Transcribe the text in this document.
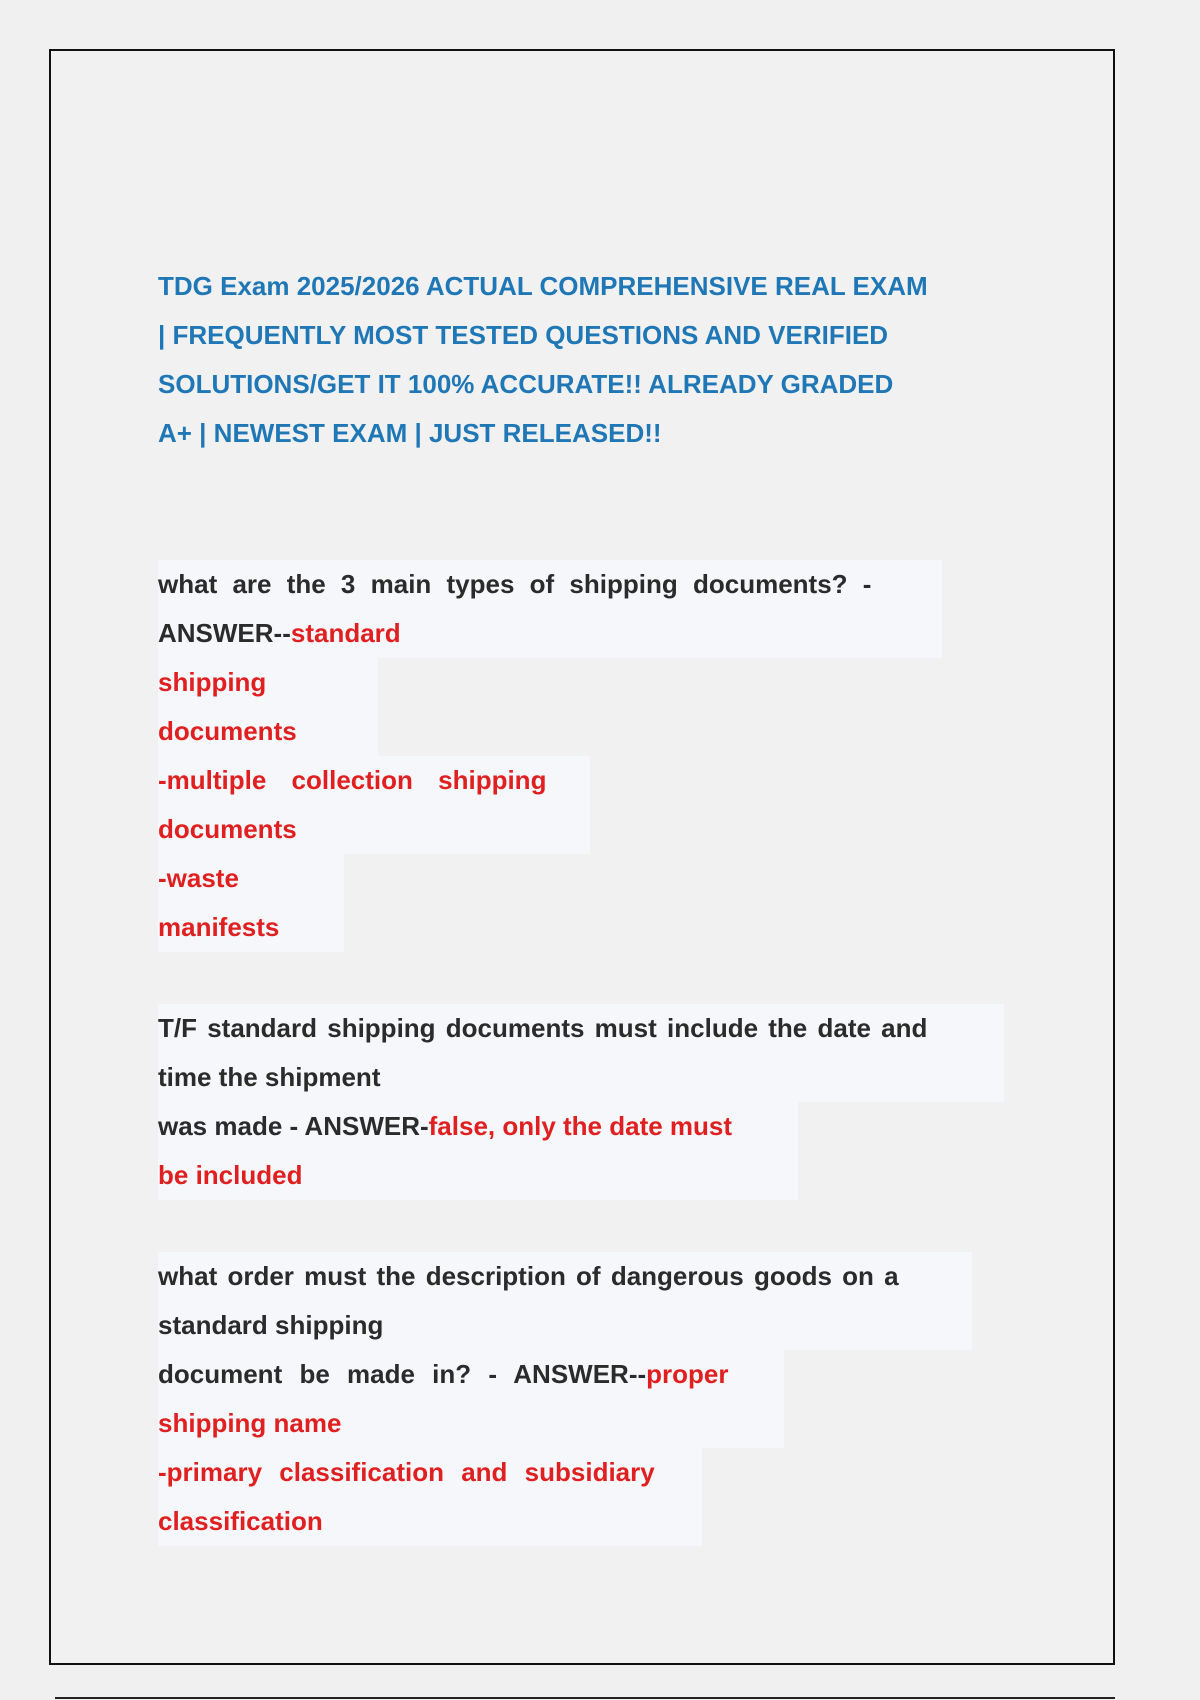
TDG Exam 2025/2026 ACTUAL COMPREHENSIVE REAL EXAM
| FREQUENTLY MOST TESTED QUESTIONS AND VERIFIED
SOLUTIONS/GET IT 100% ACCURATE!! ALREADY GRADED
A+ | NEWEST EXAM | JUST RELEASED!!
what are the 3 main types of shipping documents? -
ANSWER--standard

shipping
documents

-multiple collection shipping
documents

-waste
manifests
T/F standard shipping documents must include the date and
time the shipment

was made - ANSWER-false, only the date must
be included
what order must the description of dangerous goods on a
standard shipping

document be made in? - ANSWER--proper
shipping name

-primary classification and subsidiary
classification
